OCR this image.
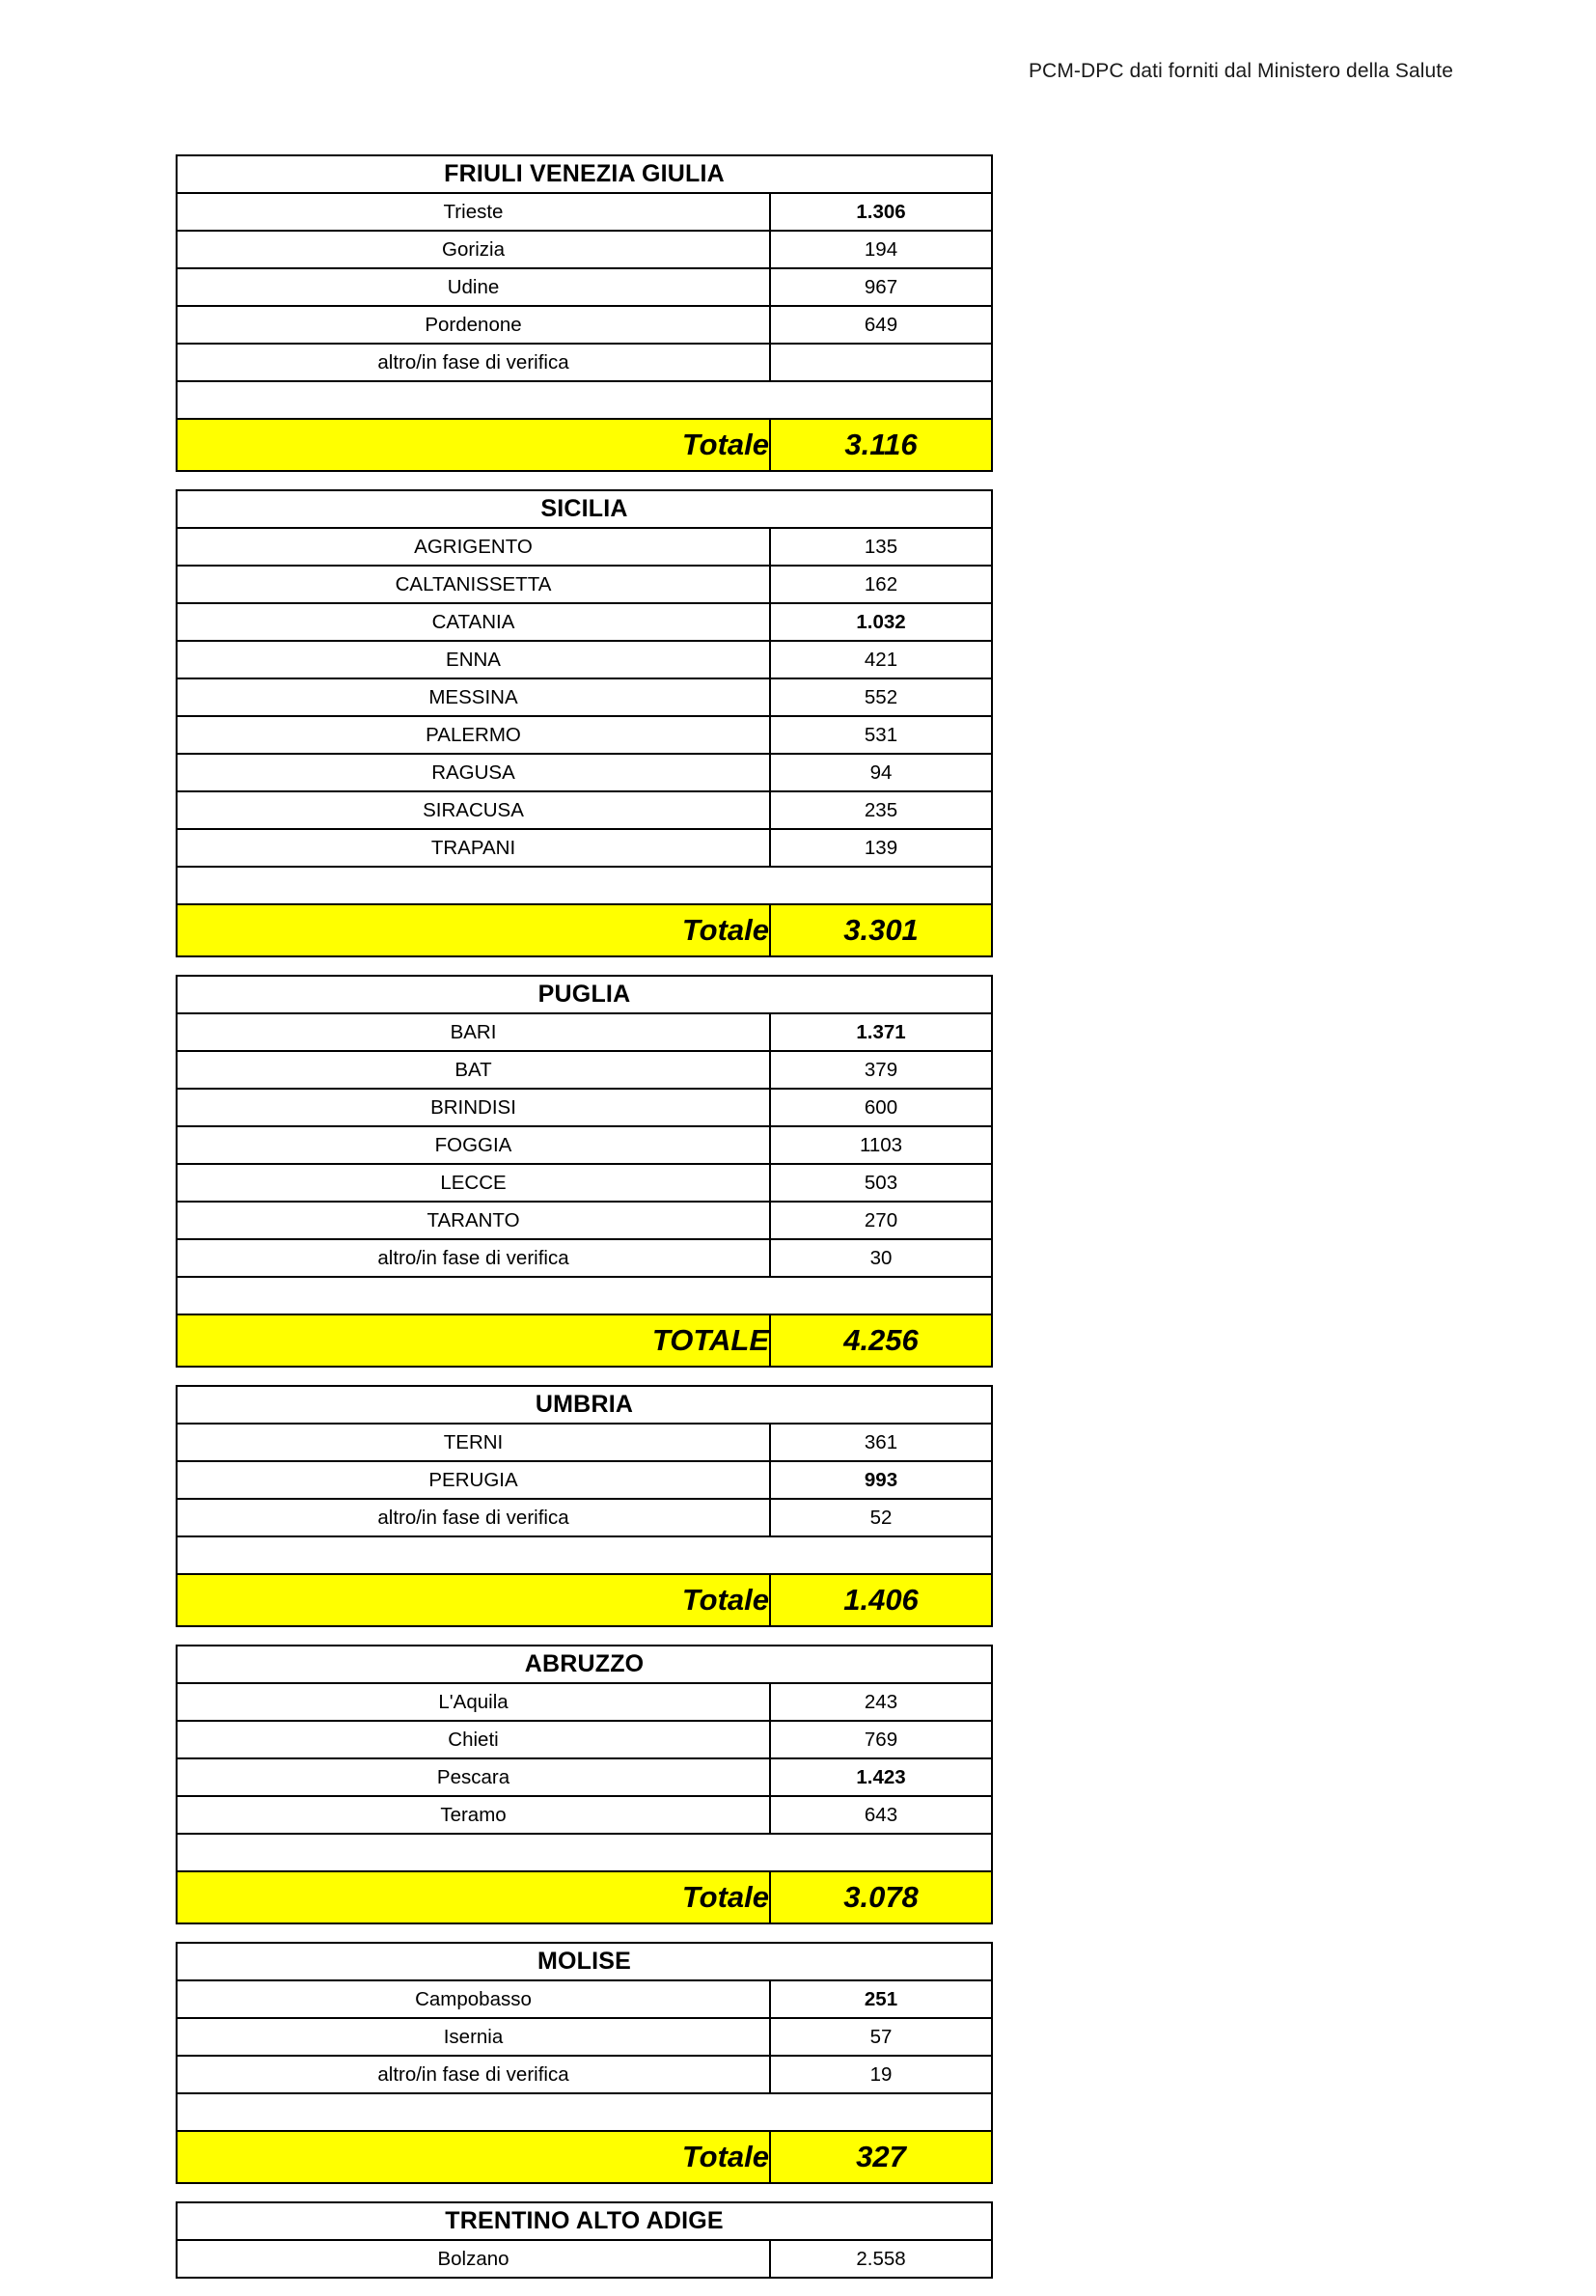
PCM-DPC dati forniti dal Ministero della Salute
FRIULI VENEZIA GIULIA	
Trieste	1.306
Gorizia	194
Udine	967
Pordenone	649
altro/in fase di verifica	

Totale	3.116
SICILIA	
AGRIGENTO	135
CALTANISSETTA	162
CATANIA	1.032
ENNA	421
MESSINA	552
PALERMO	531
RAGUSA	94
SIRACUSA	235
TRAPANI	139

Totale	3.301
PUGLIA	
BARI	1.371
BAT	379
BRINDISI	600
FOGGIA	1103
LECCE	503
TARANTO	270
altro/in fase di verifica	30

TOTALE	4.256
UMBRIA	
TERNI	361
PERUGIA	993
altro/in fase di verifica	52

Totale	1.406
ABRUZZO	
L'Aquila	243
Chieti	769
Pescara	1.423
Teramo	643

Totale	3.078
MOLISE	
Campobasso	251
Isernia	57
altro/in fase di verifica	19

Totale	327
TRENTINO ALTO ADIGE
Bolzano	2.558
